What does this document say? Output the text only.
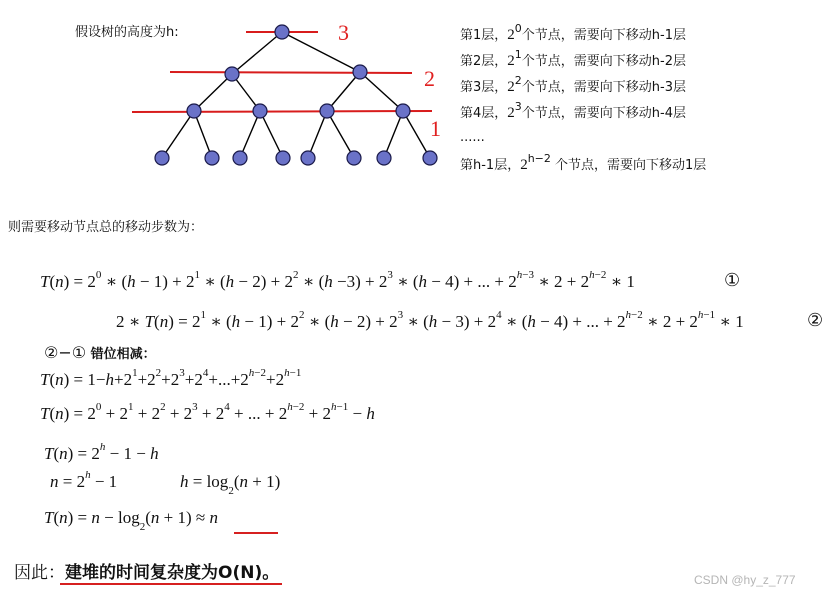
假设树的高度为h:	3
2
1
第1层，$2^0$个节点，需要向下移动h-1层
第2层，$2^1$个节点，需要向下移动h-2层
第3层，$2^2$个节点，需要向下移动h-3层
第4层，$2^3$个节点，需要向下移动h-4层
......
第h-1层，$2^{h-2}$ 个节点，需要向下移动1层
则需要移动节点总的移动步数为：
$T(n) = 2^0$ ∗ $(h - 1) + 2^1$ ∗ $(h - 2) + 2^2$ ∗ $(h -3) + 2^3$ ∗ (h − 4) + ... + $2^{h-3}$ ∗ $2 + 2^{h-2}$ ∗ 1	①
2 ∗ $T(n) = 2^1$ ∗ $(h - 1) + 2^2$ ∗ $(h - 2) + 2^3$ ∗ $(h - 3) + 2^4$ ∗ (h − 4) + ... + $2^{h-2}$ ∗ $2 + 2^{h-1}$ ∗ 1	②
②−① 错位相减：
$T(n) = 1-h+2^1+2^2+2^3+2^4+...+2^{h-2}+2^{h-1}$
$T(n) = 2^0 + 2^1 + 2^2 + 2^3 + 2^4$ + ... + $2^{h-2} + 2^{h-1} - h$
$T(n) = 2^h - 1 - h$
$n = 2^h - 1$	$h = \log_2(n + 1)$
$T(n) = n - \log_2(n + 1) \approx n$
因此：建堆的时间复杂度为O(N)。	CSDN @hy_z_777
